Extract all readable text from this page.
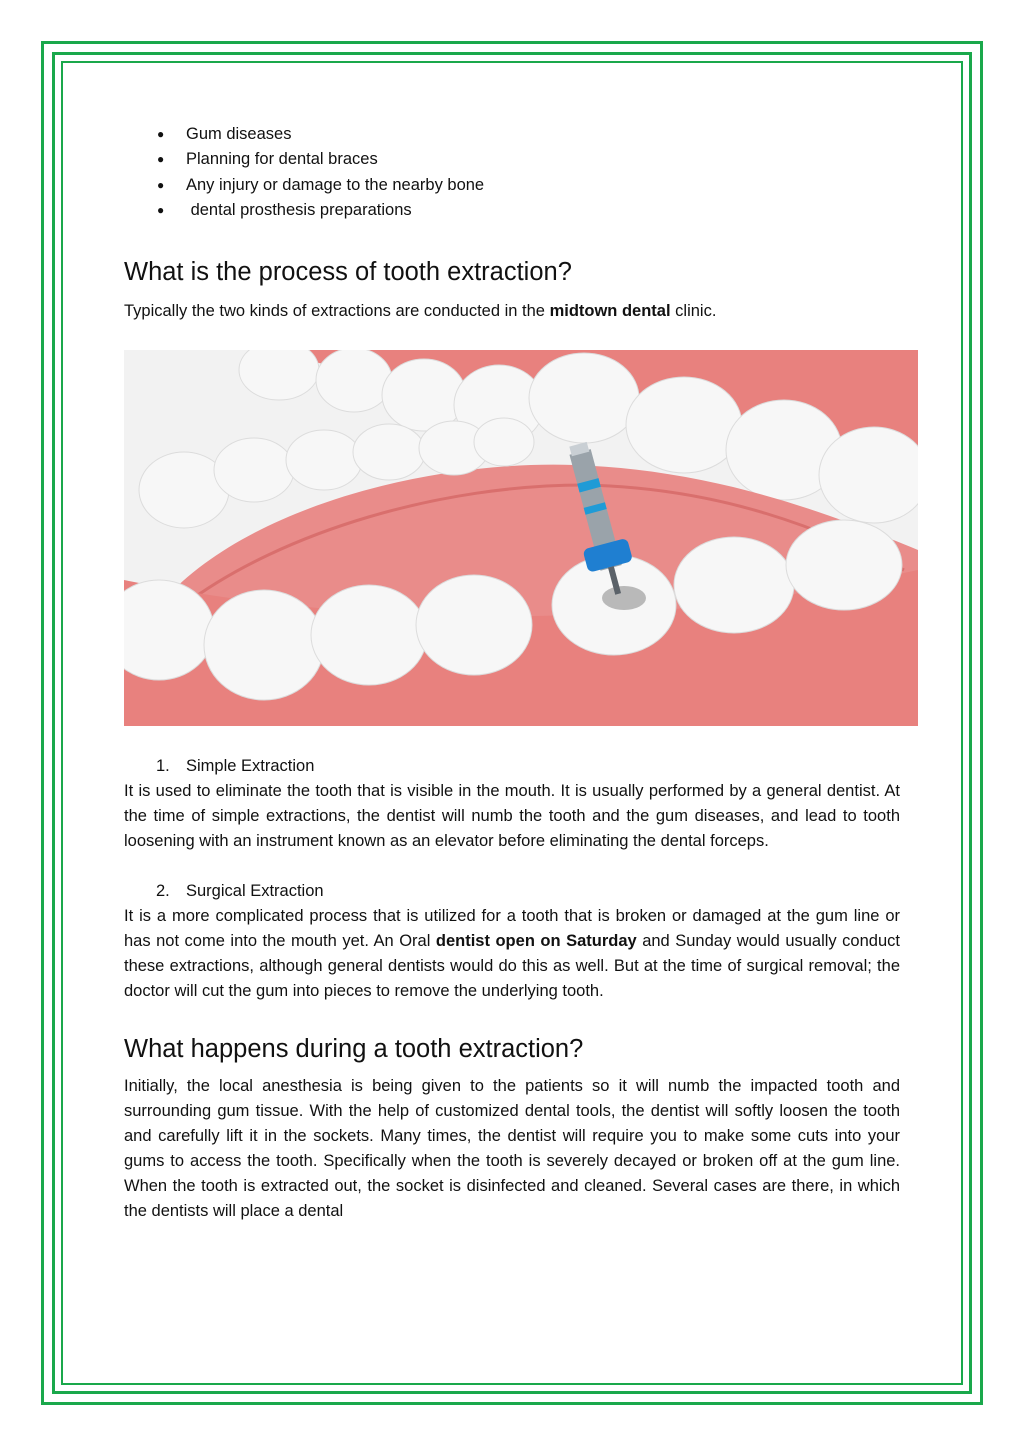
● Gum diseases
● Planning for dental braces
● Any injury or damage to the nearby bone
● dental prosthesis preparations
What is the process of tooth extraction?

Typically the two kinds of extractions are conducted in the midtown dental clinic.

1. Simple Extraction

It is used to eliminate the tooth that is visible in the mouth. It is usually performed by a general dentist. At the time of simple extractions, the dentist will numb the tooth and the gum diseases, and lead to tooth loosening with an instrument known as an elevator before eliminating the dental forceps.

2. Surgical Extraction

It is a more complicated process that is utilized for a tooth that is broken or damaged at the gum line or has not come into the mouth yet. An Oral dentist open on Saturday and Sunday would usually conduct these extractions, although general dentists would do this as well. But at the time of surgical removal; the doctor will cut the gum into pieces to remove the underlying tooth.

What happens during a tooth extraction?

Initially, the local anesthesia is being given to the patients so it will numb the impacted tooth and surrounding gum tissue. With the help of customized dental tools, the dentist will softly loosen the tooth and carefully lift it in the sockets. Many times, the dentist will require you to make some cuts into your gums to access the tooth. Specifically when the tooth is severely decayed or broken off at the gum line. When the tooth is extracted out, the socket is disinfected and cleaned. Several cases are there, in which the dentists will place a dental
